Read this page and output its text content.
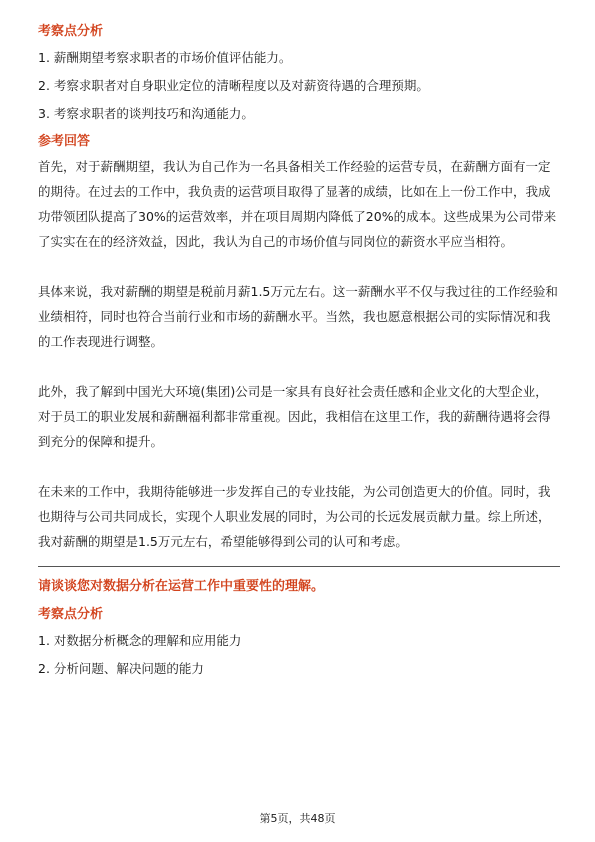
考察点分析
1. 薪酬期望考察求职者的市场价值评估能力。
2. 考察求职者对自身职业定位的清晰程度以及对薪资待遇的合理预期。
3. 考察求职者的谈判技巧和沟通能力。
参考回答
首先，对于薪酬期望，我认为自己作为一名具备相关工作经验的运营专员，在薪酬方面有一定的期待。在过去的工作中，我负责的运营项目取得了显著的成绩，比如在上一份工作中，我成功带领团队提高了30%的运营效率，并在项目周期内降低了20%的成本。这些成果为公司带来了实实在在的经济效益，因此，我认为自己的市场价值与同岗位的薪资水平应当相符。
具体来说，我对薪酬的期望是税前月薪1.5万元左右。这一薪酬水平不仅与我过往的工作经验和业绩相符，同时也符合当前行业和市场的薪酬水平。当然，我也愿意根据公司的实际情况和我的工作表现进行调整。
此外，我了解到中国光大环境(集团)公司是一家具有良好社会责任感和企业文化的大型企业，对于员工的职业发展和薪酬福利都非常重视。因此，我相信在这里工作，我的薪酬待遇将会得到充分的保障和提升。
在未来的工作中，我期待能够进一步发挥自己的专业技能，为公司创造更大的价值。同时，我也期待与公司共同成长，实现个人职业发展的同时，为公司的长远发展贡献力量。综上所述，我对薪酬的期望是1.5万元左右，希望能够得到公司的认可和考虑。
请谈谈您对数据分析在运营工作中重要性的理解。
考察点分析
1. 对数据分析概念的理解和应用能力
2. 分析问题、解决问题的能力
第5页，共48页
